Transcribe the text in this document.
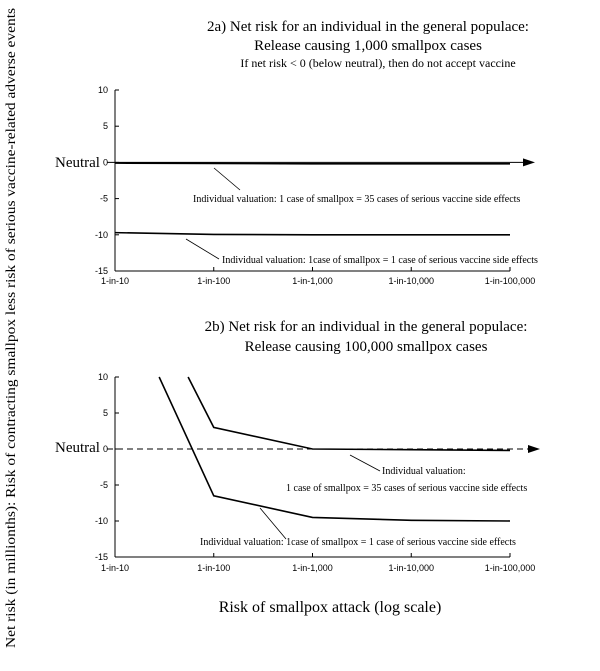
Net risk (in millionths): Risk of contracting smallpox less risk of serious vaccine-related adverse events
2a) Net risk for an individual in the general populace:
Release causing 1,000 smallpox cases
If net risk < 0 (below neutral), then do not accept vaccine
10
5
0
-5
-10
-15
1-in-10	1-in-100	1-in-1,000	1-in-10,000	1-in-100,000
Neutral
Individual valuation: 1 case of smallpox = 35 cases of serious vaccine side effects
Individual valuation: 1case of smallpox = 1 case of serious vaccine side effects
2b) Net risk for an individual in the general populace:
Release causing 100,000 smallpox cases
10
5
0
-5
-10
-15
1-in-10	1-in-100	1-in-1,000	1-in-10,000	1-in-100,000
Neutral
Individual valuation:
1 case of smallpox = 35 cases of serious vaccine side effects
Individual valuation: 1case of smallpox = 1 case of serious vaccine side effects
Risk of smallpox attack (log scale)
